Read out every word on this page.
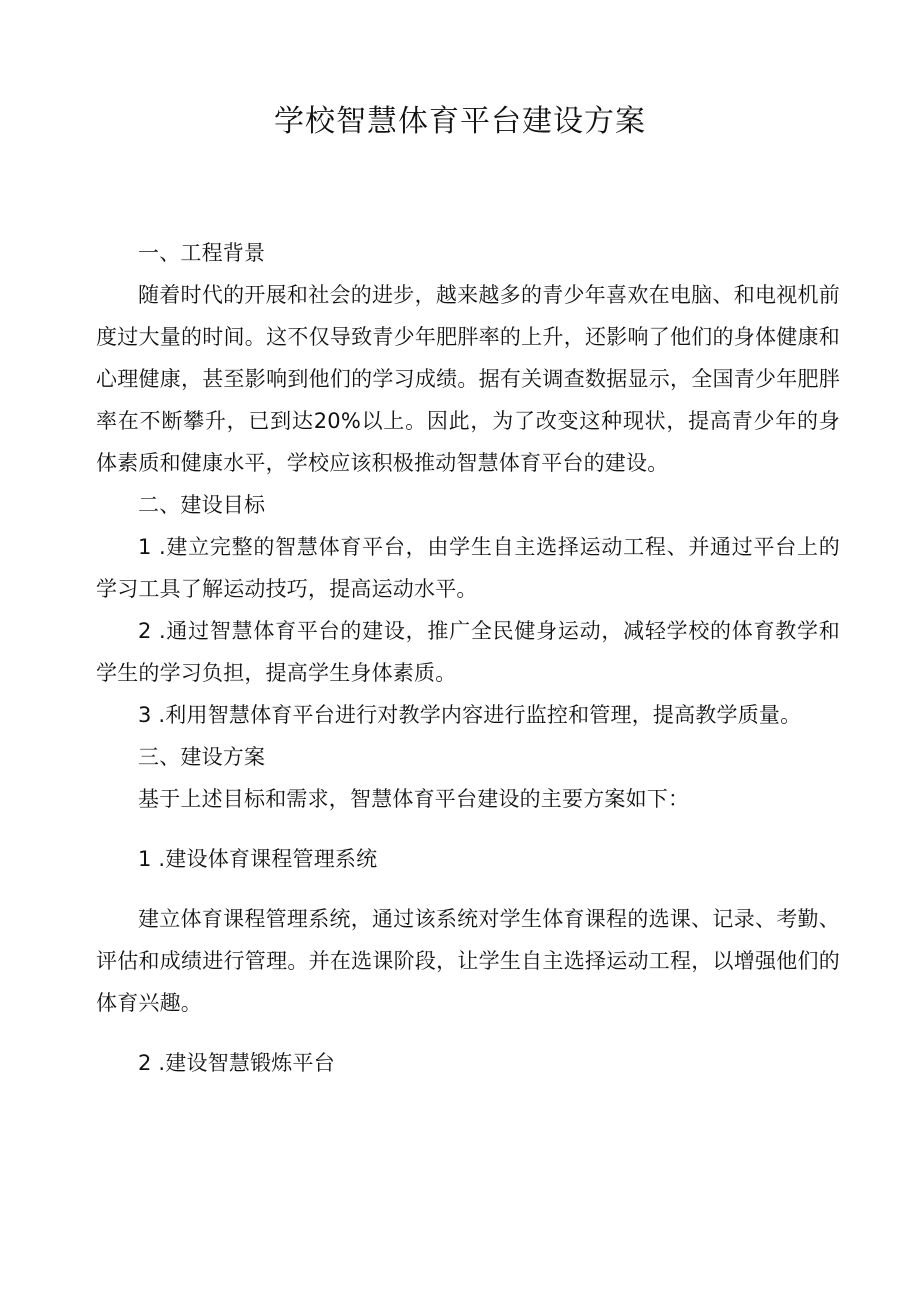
学校智慧体育平台建设方案

一、工程背景

随着时代的开展和社会的进步，越来越多的青少年喜欢在电脑、和电视机前度过大量的时间。这不仅导致青少年肥胖率的上升，还影响了他们的身体健康和心理健康，甚至影响到他们的学习成绩。据有关调查数据显示，全国青少年肥胖率在不断攀升，已到达20%以上。因此，为了改变这种现状，提高青少年的身体素质和健康水平，学校应该积极推动智慧体育平台的建设。

二、建设目标

1 .建立完整的智慧体育平台，由学生自主选择运动工程、并通过平台上的学习工具了解运动技巧，提高运动水平。

2 .通过智慧体育平台的建设，推广全民健身运动，减轻学校的体育教学和学生的学习负担，提高学生身体素质。

3 .利用智慧体育平台进行对教学内容进行监控和管理，提高教学质量。

三、建设方案

基于上述目标和需求，智慧体育平台建设的主要方案如下：

1 .建设体育课程管理系统

建立体育课程管理系统，通过该系统对学生体育课程的选课、记录、考勤、评估和成绩进行管理。并在选课阶段，让学生自主选择运动工程，以增强他们的体育兴趣。

2 .建设智慧锻炼平台
